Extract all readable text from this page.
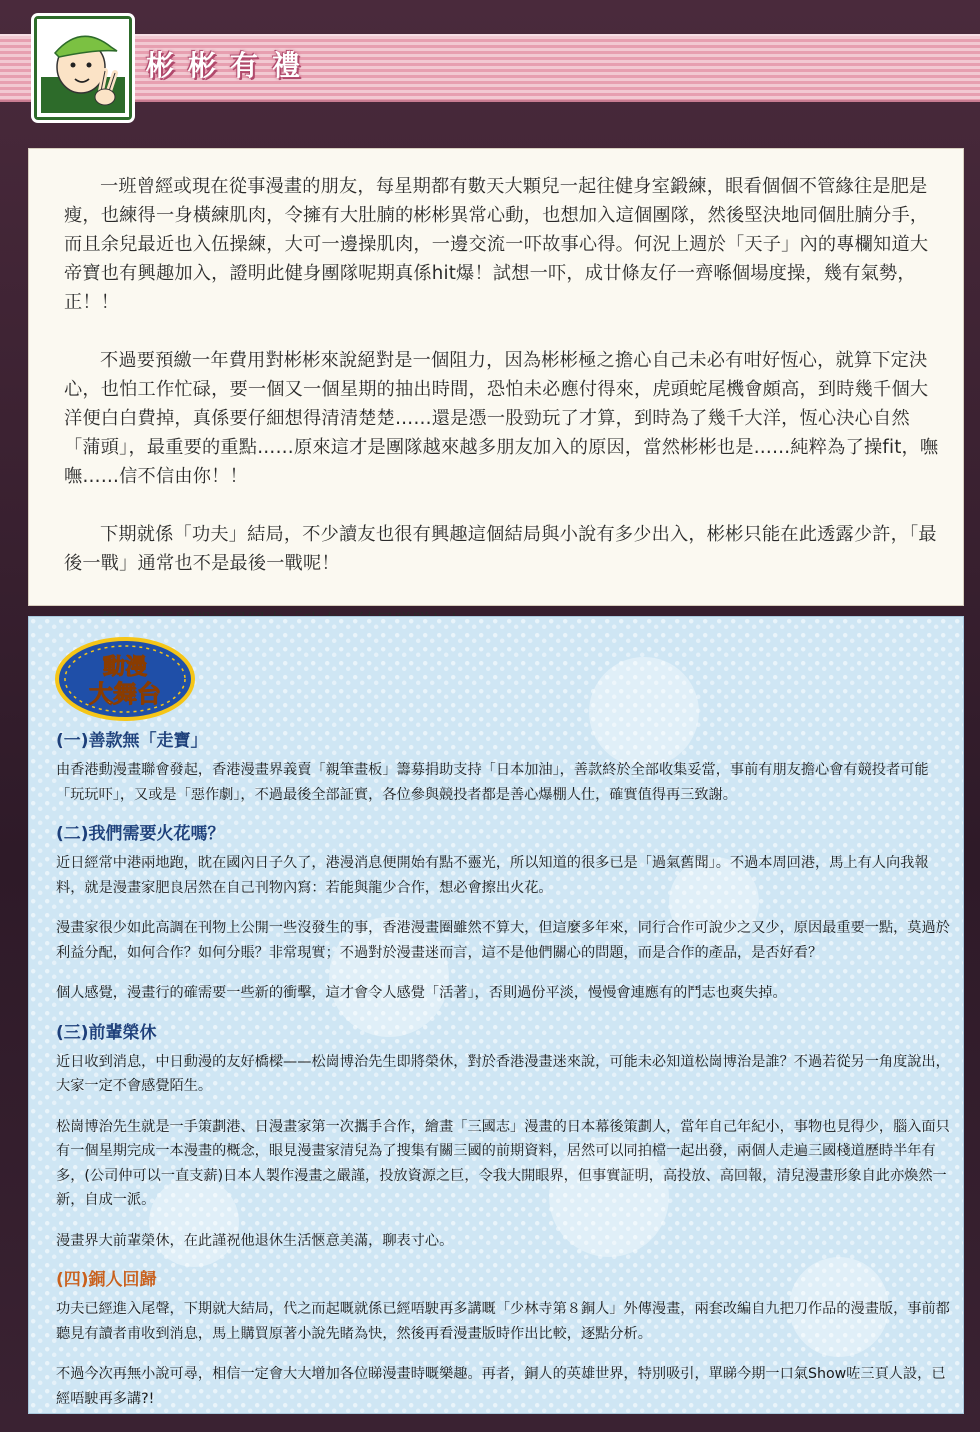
彬彬有禮

一班曾經或現在從事漫畫的朋友，每星期都有數天大顆兒一起往健身室鍛練，眼看個個不管緣往是肥是瘦，也練得一身橫練肌肉，令擁有大肚腩的彬彬異常心動，也想加入這個團隊，然後堅決地同個肚腩分手，而且余兒最近也入伍操練，大可一邊操肌肉，一邊交流一吓故事心得。何況上週於「天子」內的專欄知道大帝寶也有興趣加入，證明此健身團隊呢期真係hit爆！試想一吓，成廿條友仔一齊喺個場度操，幾有氣勢，正！！

不過要預繳一年費用對彬彬來說絕對是一個阻力，因為彬彬極之擔心自己未必有咁好恆心，就算下定決心，也怕工作忙碌，要一個又一個星期的抽出時間，恐怕未必應付得來，虎頭蛇尾機會頗高，到時幾千個大洋便白白費掉，真係要仔細想得清清楚楚……還是憑一股勁玩了才算，到時為了幾千大洋，恆心決心自然「蒲頭」，最重要的重點……原來這才是團隊越來越多朋友加入的原因，當然彬彬也是……純粹為了操fit，嘸嘸……信不信由你！！

下期就係「功夫」結局，不少讀友也很有興趣這個結局與小說有多少出入，彬彬只能在此透露少許，「最後一戰」通常也不是最後一戰呢！

動漫
大舞台
(一)善款無「走寶」
由香港動漫畫聯會發起，香港漫畫界義賣「親筆畫板」籌募捐助支持「日本加油」，善款終於全部收集妥當，事前有朋友擔心會有競投者可能「玩玩吓」，又或是「惡作劇」，不過最後全部証實，各位參與競投者都是善心爆棚人仕，確實值得再三致謝。
(二)我們需要火花嗎？
近日經常中港兩地跑，眈在國內日子久了，港漫消息便開始有點不靈光，所以知道的很多已是「過氣舊聞」。不過本周回港，馬上有人向我報料，就是漫畫家肥良居然在自己刊物內寫：若能與龍少合作，想必會擦出火花。
漫畫家很少如此高調在刊物上公開一些沒發生的事，香港漫畫圈雖然不算大，但這麼多年來，同行合作可說少之又少，原因最重要一點，莫過於利益分配，如何合作？如何分賬？非常現實；不過對於漫畫迷而言，這不是他們關心的問題，而是合作的產品，是否好看？
個人感覺，漫畫行的確需要一些新的衝擊，這才會令人感覺「活著」，否則過份平淡，慢慢會連應有的鬥志也爽失掉。
(三)前輩榮休
近日收到消息，中日動漫的友好橋樑——松崗博治先生即將榮休，對於香港漫畫迷來說，可能未必知道松崗博治是誰？不過若從另一角度說出，大家一定不會感覺陌生。
松崗博治先生就是一手策劃港、日漫畫家第一次攜手合作，繪畫「三國志」漫畫的日本幕後策劃人，當年自己年紀小，事物也見得少，腦入面只有一個星期完成一本漫畫的概念，眼見漫畫家清兒為了搜集有關三國的前期資料，居然可以同拍檔一起出發，兩個人走遍三國棧道歷時半年有多，(公司仲可以一直支薪)日本人製作漫畫之嚴謹，投放資源之巨，令我大開眼界，但事實証明，高投放、高回報，清兒漫畫形象自此亦煥然一新，自成一派。
漫畫界大前輩榮休，在此謹祝他退休生活愜意美滿，聊表寸心。
(四)銅人回歸
功夫已經進入尾聲，下期就大結局，代之而起嘅就係已經唔駛再多講嘅「少林寺第８銅人」外傳漫畫，兩套改編自九把刀作品的漫畫版，事前都聽見有讀者甫收到消息，馬上購買原著小說先睹為快，然後再看漫畫版時作出比較，逐點分析。
不過今次再無小說可尋，相信一定會大大增加各位睇漫畫時嘅樂趣。再者，銅人的英雄世界，特別吸引，單睇今期一口氣Show咗三頁人設，已經唔駛再多講?!
